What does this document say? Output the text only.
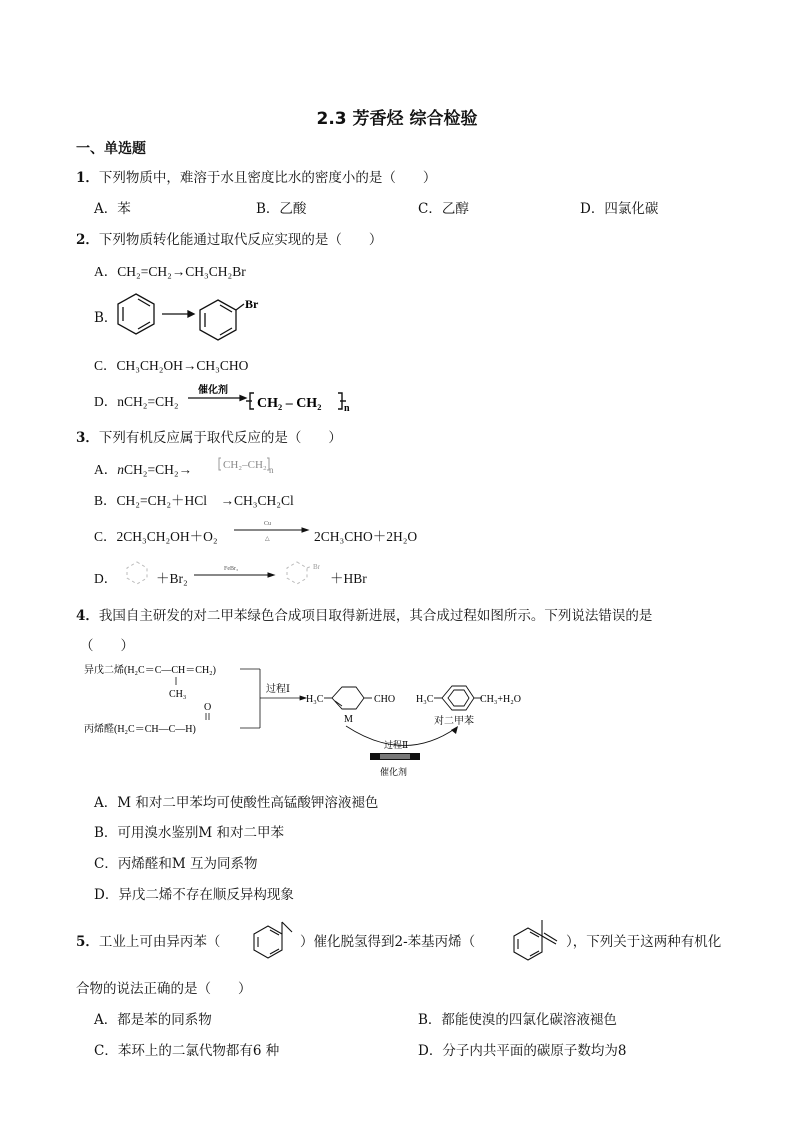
2.3 芳香烃 综合检验
一、单选题
1．下列物质中，难溶于水且密度比水的密度小的是（　　）
A．苯	B．乙酸	C．乙醇	D．四氯化碳
2．下列物质转化能通过取代反应实现的是（　　）
A．CH₂=CH₂→CH₃CH₂Br
B．
Br
C．CH₃CH₂OH→CH₃CHO
D．nCH₂=CH₂
催化剂
CH₂ – CH₂ n
3．下列有机反应属于取代反应的是（　　）
A．nCH₂=CH₂→	CH₂–CH₂ n
B．CH₂=CH₂＋HCl　→CH₃CH₂Cl
C．2CH₃CH₂OH＋O₂
Cu
△	2CH₃CHO＋2H₂O
D．	＋Br₂
FeBr₃	Br
＋HBr
4．我国自主研发的对二甲苯绿色合成项目取得新进展，其合成过程如图所示。下列说法错误的是
（　　）
异戊二烯(H₂C＝C—CH＝CH₂)
CH₃
O
丙烯醛(H₂C＝CH—C—H)
过程Ⅰ
H₃C	CHO
M
H₃C	CH₃+H₂O
对二甲苯
过程Ⅱ
催化剂
A．M 和对二甲苯均可使酸性高锰酸钾溶液褪色
B．可用溴水鉴别M 和对二甲苯
C．丙烯醛和M 互为同系物
D．异戊二烯不存在顺反异构现象
5．工业上可由异丙苯（	）催化脱氢得到2-苯基丙烯（	），下列关于这两种有机化
合物的说法正确的是（　　）
A．都是苯的同系物	B．都能使溴的四氯化碳溶液褪色
C．苯环上的二氯代物都有6 种	D．分子内共平面的碳原子数均为8
